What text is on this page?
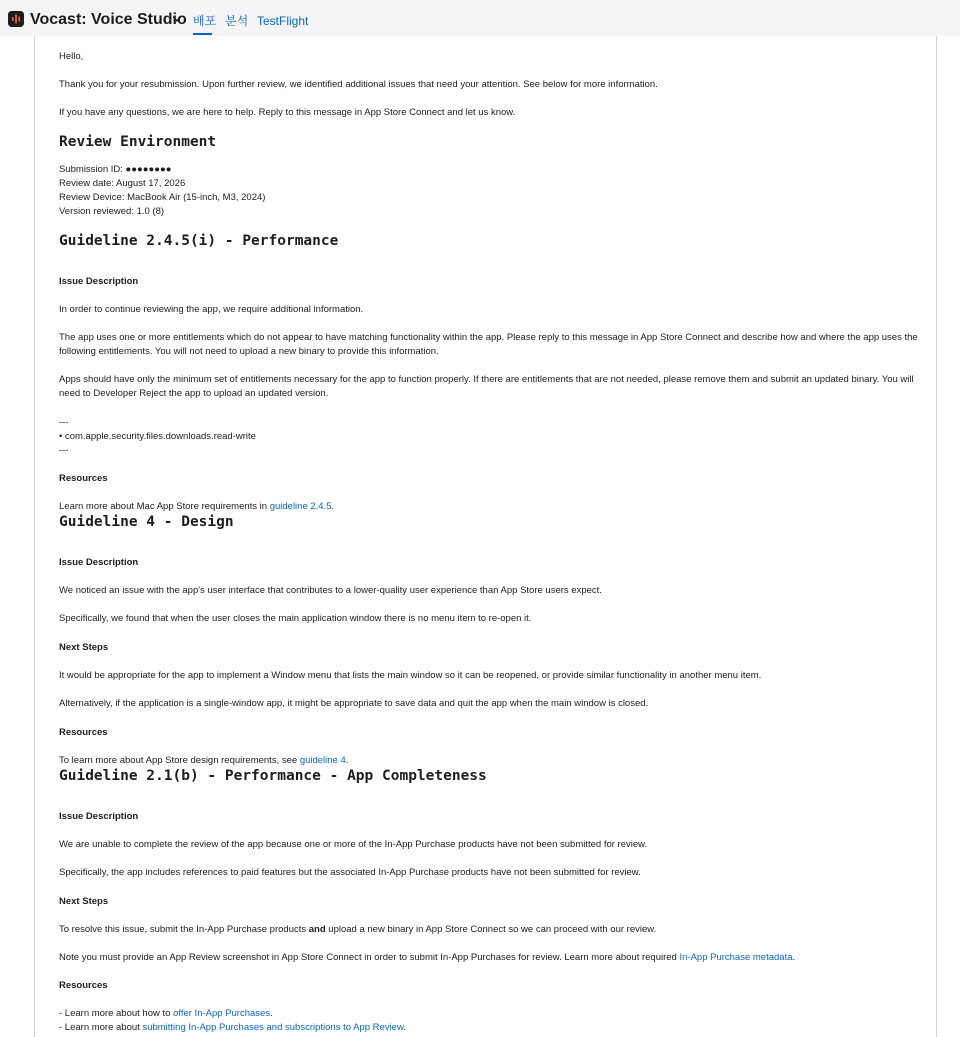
Vocast: Voice Studio 배포 분석 TestFlight
Hello,
Thank you for your resubmission. Upon further review, we identified additional issues that need your attention. See below for more information.
If you have any questions, we are here to help. Reply to this message in App Store Connect and let us know.
Review Environment
Submission ID: ●●●●●●●●
Review date: August 17, 2026
Review Device: MacBook Air (15-inch, M3, 2024)
Version reviewed: 1.0 (8)
Guideline 2.4.5(i) - Performance
Issue Description
In order to continue reviewing the app, we require additional information.
The app uses one or more entitlements which do not appear to have matching functionality within the app. Please reply to this message in App Store Connect and describe how and where the app uses the following entitlements. You will not need to upload a new binary to provide this information.
Apps should have only the minimum set of entitlements necessary for the app to function properly. If there are entitlements that are not needed, please remove them and submit an updated binary. You will need to Developer Reject the app to upload an updated version.
---
• com.apple.security.files.downloads.read-write
---
Resources
Learn more about Mac App Store requirements in guideline 2.4.5.
Guideline 4 - Design
Issue Description
We noticed an issue with the app's user interface that contributes to a lower-quality user experience than App Store users expect.
Specifically, we found that when the user closes the main application window there is no menu item to re-open it.
Next Steps
It would be appropriate for the app to implement a Window menu that lists the main window so it can be reopened, or provide similar functionality in another menu item.
Alternatively, if the application is a single-window app, it might be appropriate to save data and quit the app when the main window is closed.
Resources
To learn more about App Store design requirements, see guideline 4.
Guideline 2.1(b) - Performance - App Completeness
Issue Description
We are unable to complete the review of the app because one or more of the In-App Purchase products have not been submitted for review.
Specifically, the app includes references to paid features but the associated In-App Purchase products have not been submitted for review.
Next Steps
To resolve this issue, submit the In-App Purchase products and upload a new binary in App Store Connect so we can proceed with our review.
Note you must provide an App Review screenshot in App Store Connect in order to submit In-App Purchases for review. Learn more about required In-App Purchase metadata.
Resources
- Learn more about how to offer In-App Purchases.
- Learn more about submitting In-App Purchases and subscriptions to App Review.
